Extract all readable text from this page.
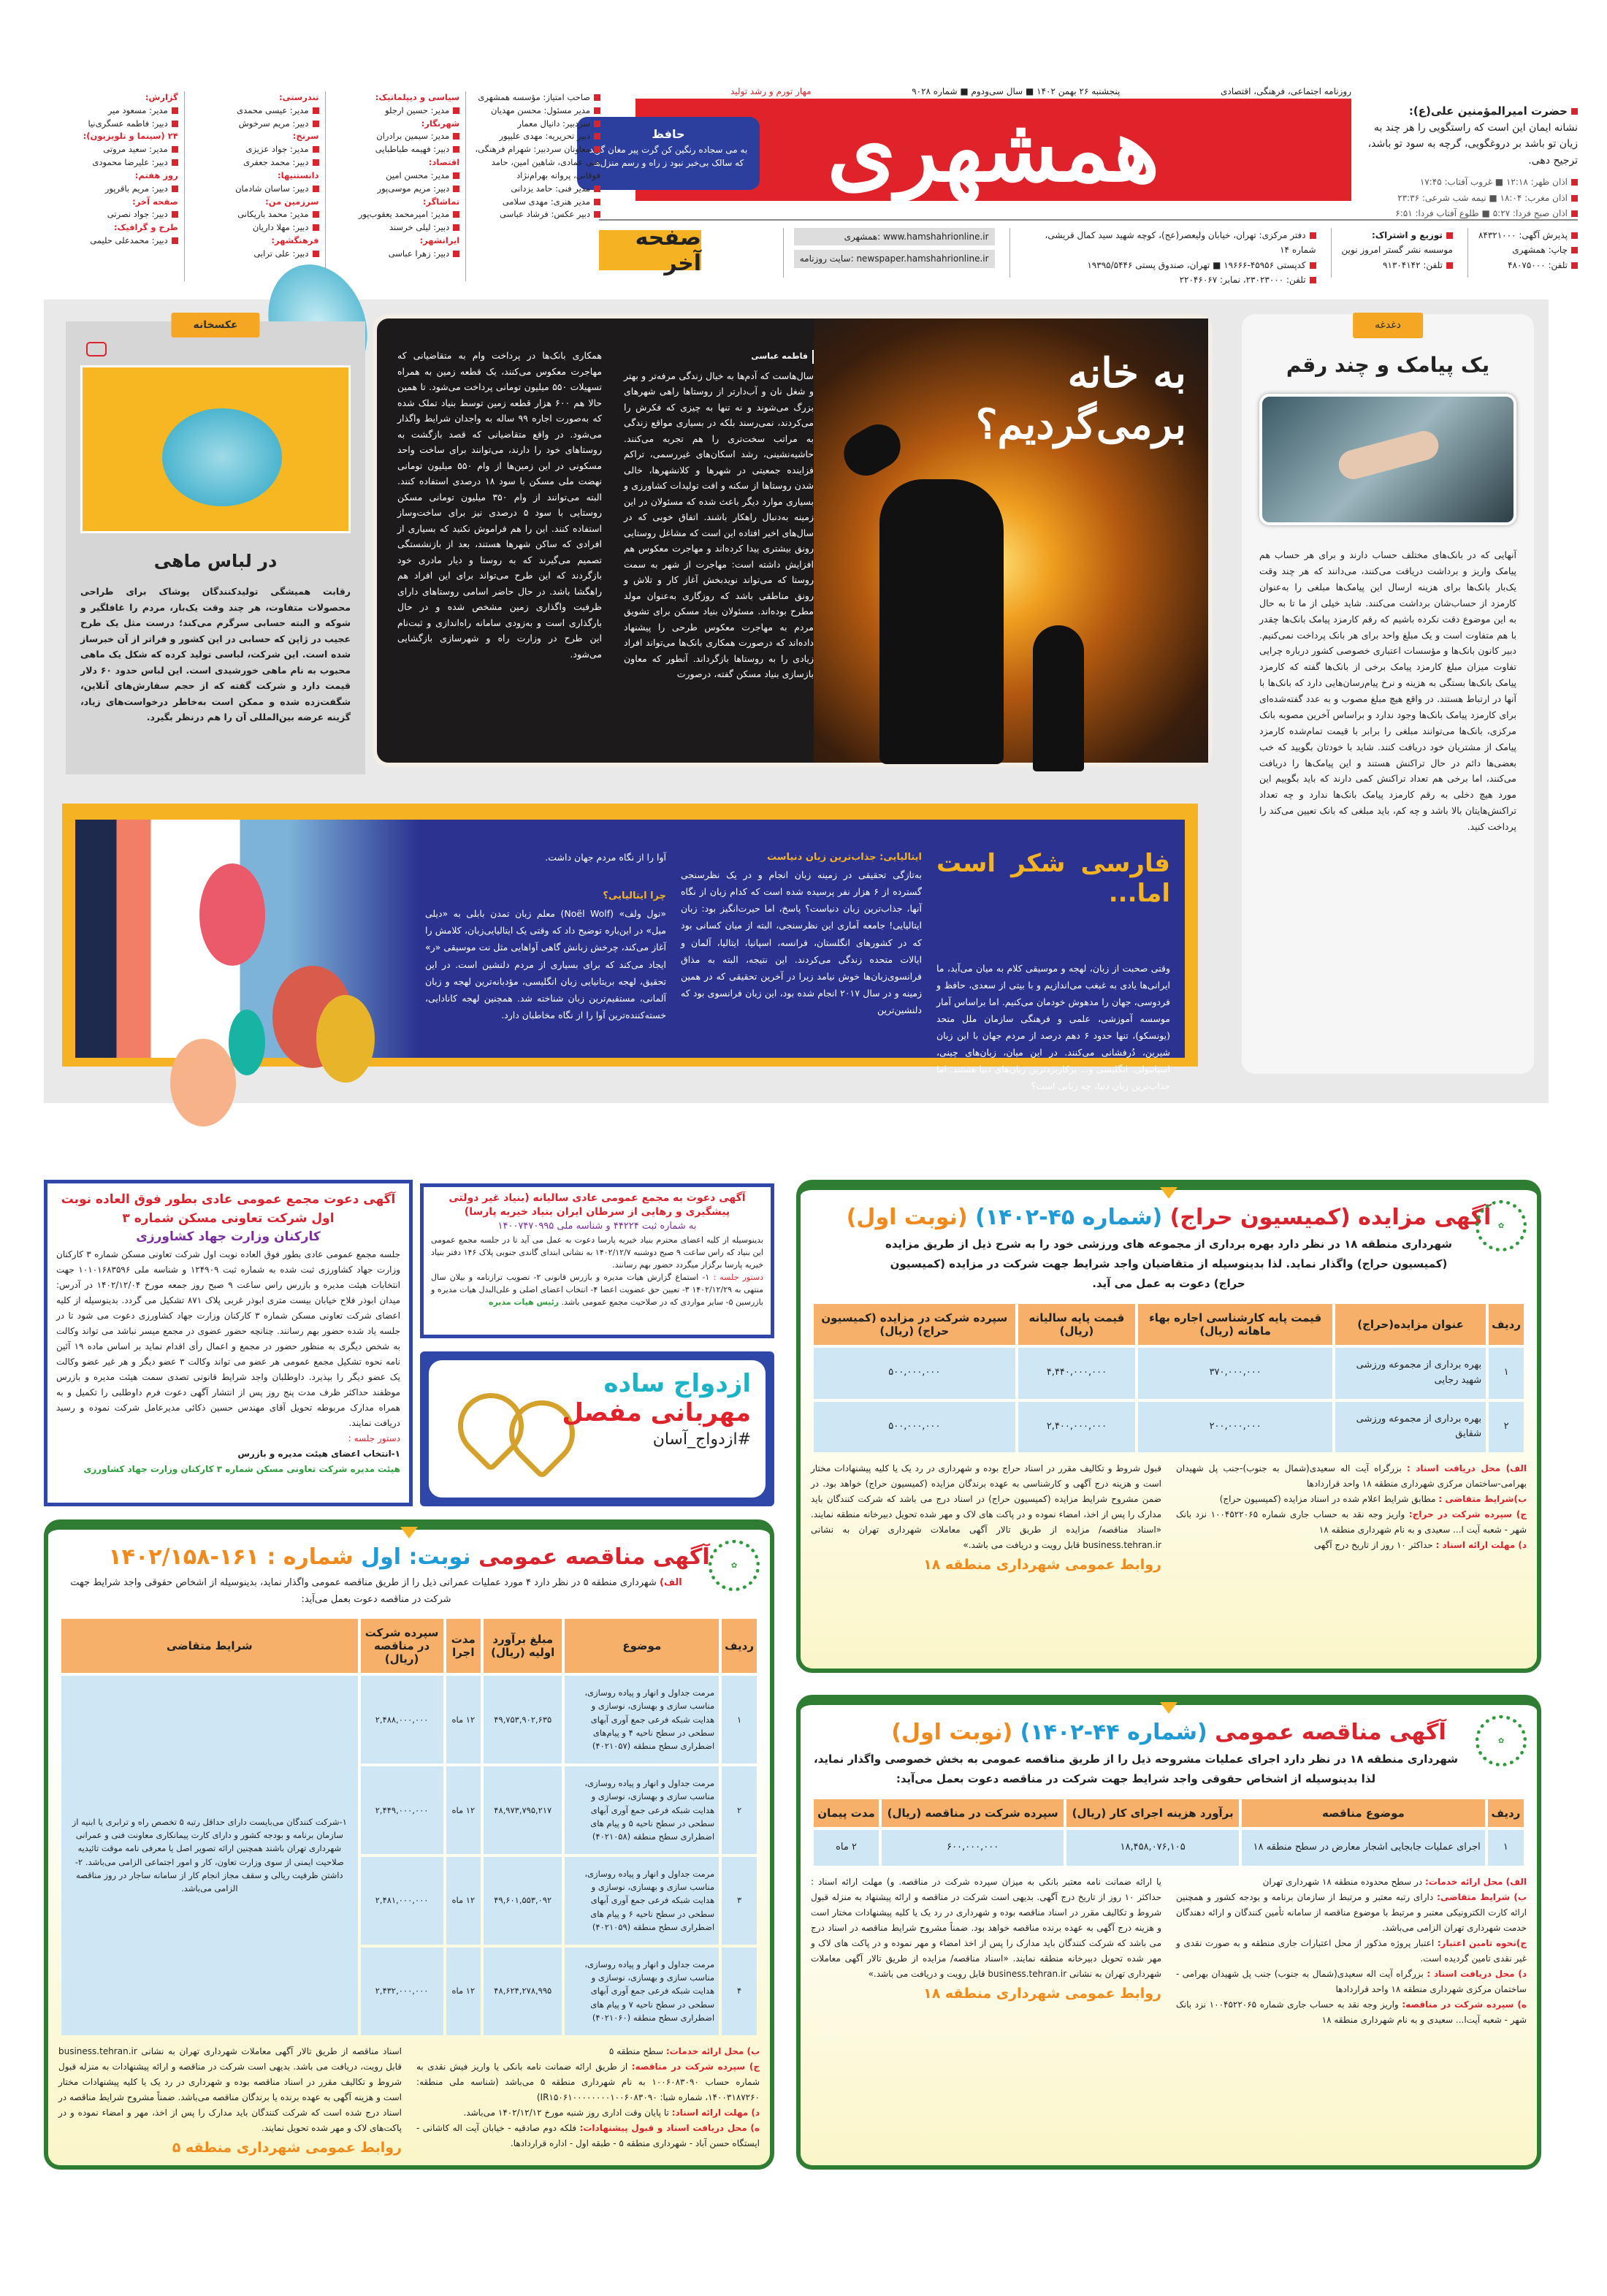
روزنامه اجتماعی، فرهنگی، اقتصادی
پنجشنبه ۲۶ بهمن ۱۴۰۲ ■ سال سی‌ودوم ■ شماره ۹۰۲۸
مهار تورم و رشد تولید
همشهری
حافظ
به می سجاده رنگین کن گرت پیر مغان گوید که سالک بی‌خبر نبود ز راه و رسم منزل‌ها
حضرت امیرالمؤمنین علی(ع):

نشانه ایمان این است که راستگویی را هر چند به زیان تو باشد بر دروغگویی، گرچه به سود تو باشد، ترجیح دهی.

اذان ظهر: ۱۲:۱۸ ■ غروب آفتاب: ۱۷:۴۵
اذان مغرب: ۱۸:۰۴ ■ نیمه شب شرعی: ۲۳:۳۶
اذان صبح فردا: ۵:۲۷ ■ طلوع آفتاب فردا: ۶:۵۱
پذیرش آگهی: ۸۴۳۲۱۰۰۰
چاپ: همشهری
تلفن: ۴۸۰۷۵۰۰۰
توزیع و اشتراک:
موسسه نشر گستر امروز نوین
تلفن: ۹۱۳۰۴۱۴۲
دفتر مرکزی: تهران، خیابان ولیعصر(عج)، کوچه شهید سید کمال قریشی، شماره ۱۴
کدپستی ۴۵۹۵۶-۱۹۶۶۶ ■ تهران، صندوق پستی ۱۹۳۹۵/۵۴۴۶
تلفن: ۲۳۰۲۳۰۰۰، نمابر: ۲۲۰۴۶۰۶۷
همشهری: www.hamshahrionline.ir
سایت روزنامه: newspaper.hamshahrionline.ir
صفحه آخر
صاحب امتیاز: مؤسسه همشهری
مدیر مسئول: محسن مهدیان
سردبیر: دانیال معمار
دبیر تحریریه: مهدی علیپور
معاونان سردبیر: شهرام فرهنگی، علی عمادی، شاهین امین، حامد فوقانی، پروانه بهرام‌نژاد
مدیر فنی: حامد یزدانی
مدیر هنری: مهدی سلامی
دبیر عکس: فرشاد عباسی
سیاسی و دیپلماتیک:
مدیر: حسین ارجلو
شهرنگار:
مدیر: سیمین برادران
دبیر: فهیمه طباطبایی
اقتصاد:
مدیر: محسن امین
دبیر: مریم موسی‌پور
تماشاگر:
مدیر: امیرمحمد یعقوب‌پور
دبیر: لیلی خرسند
ایرانشهر:
دبیر: زهرا عباسی
تندرستی:
مدیر: عیسی محمدی
دبیر: مریم سرخوش
سرنخ:
مدیر: جواد عزیزی
دبیر: محمد جعفری
دانستنیها:
دبیر: ساسان شادمان
سرزمین من:
مدیر: محمد باریکانی
دبیر: مهلا داریان
فرهنگشهر:
دبیر: علی ترابی
گزارش:
مدیر: مسعود میر
دبیر: فاطمه عسگری‌نیا
۲۴ (سینما و تلویزیون):
مدیر: سعید مروتی
دبیر: علیرضا محمودی
روز هفتم:
دبیر: مریم باقرپور
صفحه آخر:
دبیر: جواد نصرتی
طرح و گرافیک:
دبیر: محمدعلی حلیمی
دغدغه
یک پیامک و چند رقم

آنهایی که در بانک‌های مختلف حساب دارند و برای هر حساب هم پیامک واریز و برداشت دریافت می‌کنند، می‌دانند که هر چند وقت یک‌بار بانک‌ها برای هزینه ارسال این پیامک‌ها مبلغی را به‌عنوان کارمزد از حساب‌شان برداشت می‌کنند. شاید خیلی از ما تا به حال به این موضوع دقت نکرده باشیم که رقم کارمزد پیامک بانک‌ها چقدر با هم متفاوت است و یک مبلغ واحد برای هر بانک پرداخت نمی‌کنیم. دبیر کانون بانک‌ها و مؤسسات اعتباری خصوصی کشور درباره چرایی تفاوت میزان مبلغ کارمزد پیامک برخی از بانک‌ها گفته که کارمزد پیامک بانک‌ها بستگی به هزینه و نرخ پیام‌رسان‌هایی دارد که بانک‌ها با آنها در ارتباط هستند. در واقع هیچ مبلغ مصوب و به عدد گفته‌شده‌ای برای کارمزد پیامک بانک‌ها وجود ندارد و براساس آخرین مصوبه بانک مرکزی، بانک‌ها می‌توانند مبلغی را برابر با قیمت تمام‌شده کارمزد پیامک از مشتریان خود دریافت کنند. شاید با خودتان بگویید که خب بعضی‌ها دائم در حال تراکنش هستند و این پیامک‌ها را دریافت می‌کنند، اما برخی هم تعداد تراکنش کمی دارند که باید بگوییم این مورد هیچ دخلی به رقم کارمزد پیامک بانک‌ها ندارد و چه تعداد تراکنش‌هایتان بالا باشد و چه کم، باید مبلغی که بانک تعیین می‌کند را پرداخت کنید.

به خانه برمی‌گردیم؟
فاطمه عباسی

سال‌هاست که آدم‌ها به خیال زندگی مرفه‌تر و بهتر و شغل نان و آب‌دارتر از روستاها راهی شهرهای بزرگ می‌شوند و نه تنها به چیزی که فکرش را می‌کردند، نمی‌رسند بلکه در بسیاری مواقع زندگی به مراتب سخت‌تری را هم تجربه می‌کنند. حاشیه‌نشینی، رشد اسکان‌های غیررسمی، تراکم فزاینده جمعیتی در شهرها و کلانشهرها، خالی شدن روستاها از سکنه و افت تولیدات کشاورزی و بسیاری موارد دیگر باعث شده که مسئولان در این زمینه به‌دنبال راهکار باشند. اتفاق خوبی که در سال‌های اخیر افتاده این است که مشاغل روستایی رونق بیشتری پیدا کرده‌اند و مهاجرت معکوس هم افزایش داشته است: مهاجرت از شهر به سمت روستا که می‌تواند نویدبخش آغاز کار و تلاش و رونق مناطقی باشد که روزگاری به‌عنوان مولد مطرح بوده‌اند. مسئولان بنیاد مسکن برای تشویق مردم به مهاجرت معکوس طرحی را پیشنهاد داده‌اند که درصورت همکاری بانک‌ها می‌تواند افراد زیادی را به روستاها بازگرداند. آنطور که معاون بازسازی بنیاد مسکن گفته، درصورت

همکاری بانک‌ها در پرداخت وام به متقاضیانی که مهاجرت معکوس می‌کنند، یک قطعه زمین به همراه تسهیلات ۵۵۰ میلیون تومانی پرداخت می‌شود. تا همین حالا هم ۶۰۰ هزار قطعه زمین توسط بنیاد تملک شده که به‌صورت اجاره ۹۹ ساله به واجدان شرایط واگذار می‌شود. در واقع متقاضیانی که قصد بازگشت به روستاهای خود را دارند، می‌توانند برای ساخت واحد مسکونی در این زمین‌ها از وام ۵۵۰ میلیون تومانی نهضت ملی مسکن با سود ۱۸ درصدی استفاده کنند. البته می‌توانند از وام ۳۵۰ میلیون تومانی مسکن روستایی با سود ۵ درصدی نیز برای ساخت‌وساز استفاده کنند. این را هم فراموش نکنید که بسیاری از افرادی که ساکن شهرها هستند، بعد از بازنشستگی تصمیم می‌گیرند که به روستا و دیار مادری خود بازگردند که این طرح می‌تواند برای این افراد هم راهگشا باشد. در حال حاضر اسامی روستاهای دارای ظرفیت واگذاری زمین مشخص شده و در حال بارگذاری است و به‌زودی سامانه راه‌اندازی و ثبت‌نام این طرح در وزارت راه و شهرسازی بازگشایی می‌شود.

عکسخانه
در لباس ماهی

رقابت همیشگی تولیدکنندگان پوشاک برای طراحی محصولات متفاوت، هر چند وقت یک‌بار، مردم را غافلگیر و شوکه و البته حسابی سرگرم می‌کند؛ درست مثل یک طرح عجیب در ژاپن که حسابی در این کشور و فراتر از آن خبرساز شده است. این شرکت، لباسی تولید کرده که شکل یک ماهی محبوب به نام ماهی خورشیدی است. این لباس حدود ۶۰ دلار قیمت دارد و شرکت گفته که از حجم سفارش‌های آنلاین، شگفت‌زده شده و ممکن است به‌خاطر درخواست‌های زیاد، گزینه عرضه بین‌المللی آن را هم درنظر بگیرد.

فارسی شکر است اما...

وقتی صحبت از زبان، لهجه و موسیقی کلام به میان می‌آید، ما ایرانی‌ها یادی به غبغب می‌اندازیم و با بیتی از سعدی، حافظ و فردوسی، جهان را مدهوش خودمان می‌کنیم. اما براساس آمار موسسه آموزشی، علمی و فرهنگی سازمان ملل متحد (یونسکو)، تنها حدود ۶ دهم درصد از مردم جهان با این زبان شیرین، دُرفشانی می‌کنند. در این میان، زبان‌های چینی، اسپانیولی، انگلیسی و... پرکاربردترین زبان‌های دنیا هستند. اما جذاب‌ترین زبان دنیا، چه زبانی است؟

ایتالیایی: جذاب‌ترین زبان دنیاست

به‌تازگی تحقیقی در زمینه زبان انجام و در یک نظرسنجی گسترده از ۶ هزار نفر پرسیده شده است که کدام زبان از نگاه آنها، جذاب‌ترین زبان دنیاست؟ پاسخ، اما حیرت‌انگیز بود: زبان ایتالیایی! جامعه آماری این نظرسنجی، البته از میان کسانی بود که در کشورهای انگلستان، فرانسه، اسپانیا، ایتالیا، آلمان و ایالات متحده زندگی می‌کردند. این نتیجه، البته به مذاق فرانسوی‌زبان‌ها خوش نیامد زیرا در آخرین تحقیقی که در همین زمینه و در سال ۲۰۱۷ انجام شده بود، این زبان فرانسوی بود که دلنشین‌ترین

آوا را از نگاه مردم جهان داشت.

چرا ایتالیایی؟

«نول ولف» (Noël Wolf) معلم زبان تمدن بابلی به «دیلی میل» در این‌باره توضیح داد که وقتی یک ایتالیایی‌زبان، کلامش را آغاز می‌کند، چرخش زبانش گاهی آواهایی مثل نت موسیقی «ر» ایجاد می‌کند که برای بسیاری از مردم دلنشین است. در این تحقیق، لهجه بریتانیایی زبان انگلیسی، مؤدبانه‌ترین لهجه و زبان آلمانی، مستقیم‌ترین زبان شناخته شد. همچنین لهجه کانادایی، خسته‌کننده‌ترین آوا را از نگاه مخاطبان دارد.

✿
آگهی مزایده (کمیسیون حراج) (شماره ۴۵-۱۴۰۲) (نوبت اول)

شهرداری منطقه ۱۸ در نظر دارد بهره برداری از مجموعه های ورزشی خود را به شرح ذیل از طریق مزایده (کمیسیون حراج) واگذار نماید. لذا بدینوسیله از متقاضیان واجد شرایط جهت شرکت در مزایده (کمیسیون حراج) دعوت به عمل می آید.

ردیف	عنوان مزایده(حراج)	قیمت پایه کارشناسی اجاره بهاء ماهانه (ریال)	قیمت پایه سالیانه (ریال)	سپرده شرکت در مزایده (کمیسیون حراج) (ریال)
۱	بهره برداری از مجموعه ورزشی شهید رجایی	۳۷۰,۰۰۰,۰۰۰	۴,۴۴۰,۰۰۰,۰۰۰	۵۰۰,۰۰۰,۰۰۰
۲	بهره برداری از مجموعه ورزشی شقایق	۲۰۰,۰۰۰,۰۰۰	۲,۴۰۰,۰۰۰,۰۰۰	۵۰۰,۰۰۰,۰۰۰

الف) محل دریافت اسناد : بزرگراه آیت اله سعیدی(شمال به جنوب)-جنب پل شهیدان بهرامی-ساختمان مرکزی شهرداری منطقه ۱۸ واحد قراردادها

ب)شرایط متقاضی : مطابق شرایط اعلام شده در اسناد مزایده (کمیسیون حراج)

ج) سپرده شرکت در حراج: واریز وجه نقد به حساب جاری شماره ۱۰۰۴۵۲۲۰۶۵ نزد بانک شهر - شعبه آیت ا... سعیدی و به نام شهرداری منطقه ۱۸

د) مهلت ارائه اسناد : حداکثر ۱۰ روز از تاریخ درج آگهی

قبول شروط و تکالیف مقرر در اسناد حراج بوده و شهرداری در رد یک یا کلیه پیشنهادات مختار است و هزینه درج آگهی و کارشناسی به عهده برندگان مزایده (کمیسیون حراج) خواهد بود. در ضمن مشروح شرایط مزایده (کمیسیون حراج) در اسناد درج می باشد که شرکت کنندگان باید مدارک را پس از اخذ، امضاء نموده و در پاکت های لاک و مهر شده تحویل دبیرخانه منطقه نمایند. «اسناد مناقصه/ مزایده از طریق تالار آگهی معاملات شهرداری تهران به نشانی business.tehran.ir قابل رویت و دریافت می باشد.»

روابط عمومی شهرداری منطقه ۱۸

✿
آگهی مناقصه عمومی (شماره ۴۴-۱۴۰۲) (نوبت اول)

شهرداری منطقه ۱۸ در نظر دارد اجرای عملیات مشروحه ذیل را از طریق مناقصه عمومی به بخش خصوصی واگذار نماید، لذا بدینوسیله از اشخاص حقوقی واجد شرایط جهت شرکت در مناقصه دعوت بعمل می‌آید:

ردیف	موضوع مناقصه	برآورد هزینه اجرای کار (ریال)	سپرده شرکت در مناقصه (ریال)	مدت پیمان
۱	اجرای عملیات جابجایی اشجار معارض در سطح منطقه ۱۸	۱۸,۴۵۸,۰۷۶,۱۰۵	۶۰۰,۰۰۰,۰۰۰	۲ ماه

الف) محل ارائه خدمات: در سطح محدوده منطقه ۱۸ شهرداری تهران

ب) شرایط متقاضی: دارای رتبه معتبر و مرتبط از سازمان برنامه و بودجه کشور و همچنین ارائه کارت الکترونیکی معتبر و مرتبط با موضوع مناقصه از سامانه تأمین کنندگان و ارائه دهندگان خدمت شهرداری تهران الزامی می‌باشد.

ج)نحوه تامین اعتبار: اعتبار پروژه مذکور از محل اعتبارات جاری منطقه و به صورت نقدی و غیر نقدی تامین گردیده است.

د) محل دریافت اسناد : بزرگراه آیت اله سعیدی(شمال به جنوب) جنب پل شهیدان بهرامی - ساختمان مرکزی شهرداری منطقه ۱۸ واحد قراردادها

ه) سپرده شرکت در مناقصه: واریز وجه نقد به حساب جاری شماره ۱۰۰۴۵۲۲۰۶۵ نزد بانک شهر - شعبه آیت‌ا... سعیدی و به نام شهرداری منطقه ۱۸

یا ارائه ضمانت نامه معتبر بانکی به میزان سپرده شرکت در مناقصه. و) مهلت ارائه اسناد : حداکثر ۱۰ روز از تاریخ درج آگهی. بدیهی است شرکت در مناقصه و ارائه پیشنهاد به منزله قبول شروط و تکالیف مقرر در اسناد مناقصه بوده و شهرداری در رد یک یا کلیه پیشنهادات مختار است و هزینه درج آگهی به عهده برنده مناقصه خواهد بود. ضمناً مشروح شرایط مناقصه در اسناد درج می باشد که شرکت کنندگان باید مدارک را پس از اخذ امضاء و مهر نموده و در پاکت های لاک و مهر شده تحویل دبیرخانه منطقه نمایند. «اسناد مناقصه/ مزایده از طریق تالار آگهی معاملات شهرداری تهران به نشانی business.tehran.ir قابل رویت و دریافت می باشد.»

روابط عمومی شهرداری منطقه ۱۸

✿
آگهی مناقصه عمومی نوبت: اول شماره : ۱۶۱-۱۴۰۲/۱۵۸

الف) شهرداری منطقه ۵ در نظر دارد ۴ مورد عملیات عمرانی ذیل را از طریق مناقصه عمومی واگذار نماید، بدینوسیله از اشخاص حقوقی واجد شرایط جهت شرکت در مناقصه دعوت بعمل می‌آید:

ردیف	موضوع	مبلغ برآورد اولیه (ریال)	مدت اجرا	سپرده شرکت در مناقصه (ریال)	شرایط متقاضی
۱	مرمت جداول و انهار و پیاده روسازی، مناسب سازی و بهسازی، نوسازی و هدایت شبکه فرعی جمع آوری آبهای سطحی در سطح ناحیه ۴ و پیام‌های اضطراری سطح منطقه (۴۰۲۱۰۵۷)	۴۹,۷۵۳,۹۰۲,۶۳۵	۱۲ ماه	۲,۴۸۸,۰۰۰,۰۰۰	۱-شرکت کنندگان می‌بایست دارای حداقل رتبه ۵ تخصص راه و ترابری یا ابنیه از سازمان برنامه و بودجه کشور و دارای کارت پیمانکاری معاونت فنی و عمرانی شهرداری تهران باشند همچنین ارائه تصویر اصل یا معرفی نامه موقت تائیدیه صلاحیت ایمنی از سوی وزارت تعاون، کار و امور اجتماعی الزامی می‌باشد. ۲-داشتن ظرفیت ریالی و سقف مجاز انجام کار از سامانه ساجار در روز مناقصه الزامی می‌باشد.
۲	مرمت جداول و انهار و پیاده روسازی، مناسب سازی و بهسازی، نوسازی و هدایت شبکه فرعی جمع آوری آبهای سطحی در سطح ناحیه ۵ و پیام های اضطراری سطح منطقه (۴۰۲۱۰۵۸)	۴۸,۹۷۳,۷۹۵,۲۱۷	۱۲ ماه	۲,۴۴۹,۰۰۰,۰۰۰	
۳	مرمت جداول و انهار و پیاده روسازی، مناسب سازی و بهسازی، نوسازی و هدایت شبکه فرعی جمع آوری آبهای سطحی در سطح ناحیه ۶ و پیام های اضطراری سطح منطقه (۴۰۲۱۰۵۹)	۴۹,۶۰۱,۵۵۳,۰۹۲	۱۲ ماه	۲,۴۸۱,۰۰۰,۰۰۰	
۴	مرمت جداول و انهار و پیاده روسازی، مناسب سازی و بهسازی، نوسازی و هدایت شبکه فرعی جمع آوری آبهای سطحی در سطح ناحیه ۷ و پیام های اضطراری سطح منطقه (۴۰۲۱۰۶۰)	۴۸,۶۲۴,۲۷۸,۹۹۵	۱۲ ماه	۲,۴۳۲,۰۰۰,۰۰۰	

ب) محل ارائه خدمات: سطح منطقه ۵

ج) سپرده شرکت در مناقصه: از طریق ارائه ضمانت نامه بانکی یا واریز فیش نقدی به شماره حساب ۱۰۰۶۰۸۳۰۹۰ به نام شهرداری منطقه ۵ می‌باشد (شناسه ملی منطقه: ۱۴۰۰۳۱۸۷۲۶۰، شماره شبا: IR۱۵۰۶۱۰۰۰۰۰۰۰۰۱۰۰۶۰۸۳۰۹۰)

د) مهلت ارائه اسناد: تا پایان وقت اداری روز شنبه مورخ ۱۴۰۲/۱۲/۱۲ می‌باشد.

ه) محل دریافت اسناد و قبول پیشنهادات: فلکه دوم صادقیه - خیابان آیت اله کاشانی - ایستگاه حسن آباد - شهرداری منطقه ۵ - طبقه اول - اداره قراردادها.

اسناد مناقصه از طریق تالار آگهی معاملات شهرداری تهران به نشانی business.tehran.ir قابل رویت، دریافت می باشد. بدیهی است شرکت در مناقصه و ارائه پیشنهادات به منزله قبول شروط و تکالیف مقرر در اسناد مناقصه بوده و شهرداری در رد یک یا کلیه پیشنهادات مختار است و هزینه آگهی به عهده برنده یا برندگان مناقصه می‌باشد. ضمناً مشروح شرایط مناقصه در اسناد درج شده است که شرکت کنندگان باید مدارک را پس از اخذ، مهر و امضاء نموده و در پاکت‌های لاک و مهر شده تحویل نمایند.

روابط عمومی شهرداری منطقه ۵

آگهی دعوت مجمع عمومی عادی بطور فوق العاده نوبت اول شرکت تعاونی مسکن شماره ۳
کارکنان وزارت جهاد کشاورزی

جلسه مجمع عمومی عادی بطور فوق العاده نوبت اول شرکت تعاونی مسکن شماره ۳ کارکنان وزارت جهاد کشاورزی ثبت شده به شماره ثبت ۱۲۴۹۰۹ و شناسه ملی ۱۰۱۰۱۶۸۳۵۹۶ جهت انتخابات هیئت مدیره و بازرس راس ساعت ۹ صبح روز جمعه مورخ ۱۴۰۲/۱۲/۰۴ در آدرس: میدان ابوذر فلاح خیابان بیست متری ابوذر غربی پلاک ۸۷۱ تشکیل می گردد. بدینوسیله از کلیه اعضای شرکت تعاونی مسکن شماره ۳ کارکنان وزارت جهاد کشاورزی دعوت می شود تا در جلسه یاد شده حضور بهم رسانند. چنانچه حضور عضوی در مجمع میسر نباشد می تواند وکالت به شخص دیگری به منظور حضور در مجمع و اعمال رأی اقدام نماید بر اساس ماده ۱۹ آئین نامه نحوه تشکیل مجمع عمومی هر عضو می تواند وکالت ۳ عضو دیگر و هر غیر عضو وکالت یک عضو دیگر را بپذیرد. داوطلبان واجد شرایط قانونی تصدی سمت هیئت مدیره و بازرس موظفند حداکثر ظرف مدت پنج روز پس از انتشار آگهی دعوت فرم داوطلبی را تکمیل و به همراه مدارک مربوطه تحویل آقای مهندس حسین ذکائی مدیرعامل شرکت نموده و رسید دریافت نمایند.

دستور جلسه :

۱-انتخاب اعضای هیئت مدیره و بازرس

هیئت مدیره شرکت تعاونی مسکن شماره ۳ کارکنان وزارت جهاد کشاورزی

آگهی دعوت به مجمع عمومی عادی سالیانه (بنیاد غیر دولتی پیشگیری و رهایی از سرطان ایران بنیاد خیریه پارسا)

به شماره ثبت ۴۴۲۲۴ و شناسه ملی ۱۴۰۰۷۴۷۰۹۹۵

بدینوسیله از کلیه اعضای محترم بنیاد خیریه پارسا دعوت به عمل می آید تا در جلسه مجمع عمومی این بنیاد که راس ساعت ۹ صبح دوشنبه ۱۴۰۲/۱۲/۷ به نشانی ابتدای گاندی جنوبی پلاک ۱۴۶ دفتر بنیاد خیریه پارسا برگزار میگردد حضور بهم رسانند.

دستور جلسه : ۱- استماع گزارش هیات مدیره و بازرس قانونی ۲- تصویب ترازنامه و بیلان سال منتهی به ۱۴۰۲/۱۲/۲۹ ۳- تعیین حق عضویت اعضا ۴- انتخاب اعضای اصلی و علی‌البدل هیات مدیره و بازرسین ۵- سایر مواردی که در صلاحیت مجمع عمومی باشد. رئیس هیات مدیره

ازدواج ساده
مهربانی مفصل
#ازدواج_آسان
